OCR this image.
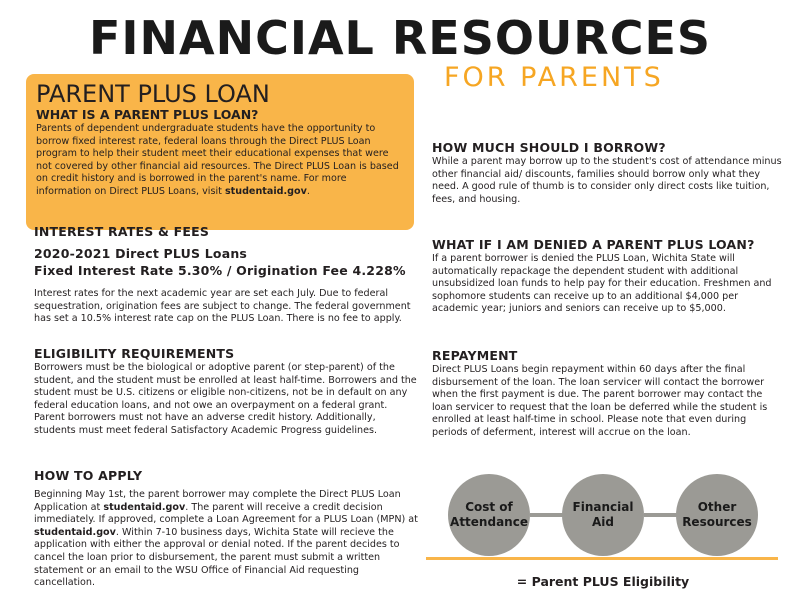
FINANCIAL RESOURCES
FOR PARENTS
PARENT PLUS LOAN
WHAT IS A PARENT PLUS LOAN?
Parents of dependent undergraduate students have the opportunity to borrow fixed interest rate, federal loans through the Direct PLUS Loan program to help their student meet their educational expenses that were not covered by other financial aid resources. The Direct PLUS Loan is based on credit history and is borrowed in the parent's name. For more information on Direct PLUS Loans, visit studentaid.gov.
INTEREST RATES & FEES
2020-2021 Direct PLUS Loans
Fixed Interest Rate 5.30% / Origination Fee 4.228%
Interest rates for the next academic year are set each July. Due to federal sequestration, origination fees are subject to change. The federal government has set a 10.5% interest rate cap on the PLUS Loan. There is no fee to apply.
ELIGIBILITY REQUIREMENTS
Borrowers must be the biological or adoptive parent (or step-parent) of the student, and the student must be enrolled at least half-time. Borrowers and the student must be U.S. citizens or eligible non-citizens, not be in default on any federal education loans, and not owe an overpayment on a federal grant. Parent borrowers must not have an adverse credit history. Additionally, students must meet federal Satisfactory Academic Progress guidelines.
HOW TO APPLY
Beginning May 1st, the parent borrower may complete the Direct PLUS Loan Application at studentaid.gov. The parent will receive a credit decision immediately. If approved, complete a Loan Agreement for a PLUS Loan (MPN) at studentaid.gov. Within 7-10 business days, Wichita State will recieve the application with either the approval or denial noted. If the parent decides to cancel the loan prior to disbursement, the parent must submit a written statement or an email to the WSU Office of Financial Aid requesting cancellation.
HOW MUCH SHOULD I BORROW?
While a parent may borrow up to the student's cost of attendance minus other financial aid/ discounts, families should borrow only what they need. A good rule of thumb is to consider only direct costs like tuition, fees, and housing.
WHAT IF I AM DENIED A PARENT PLUS LOAN?
If a parent borrower is denied the PLUS Loan, Wichita State will automatically repackage the dependent student with additional unsubsidized loan funds to help pay for their education. Freshmen and sophomore students can receive up to an additional $4,000 per academic year; juniors and seniors can receive up to $5,000.
REPAYMENT
Direct PLUS Loans begin repayment within 60 days after the final disbursement of the loan. The loan servicer will contact the borrower when the first payment is due. The parent borrower may contact the loan servicer to request that the loan be deferred while the student is enrolled at least half-time in school. Please note that even during periods of deferment, interest will accrue on the loan.
Cost of Attendance
Financial Aid
Other Resources
= Parent PLUS Eligibility
